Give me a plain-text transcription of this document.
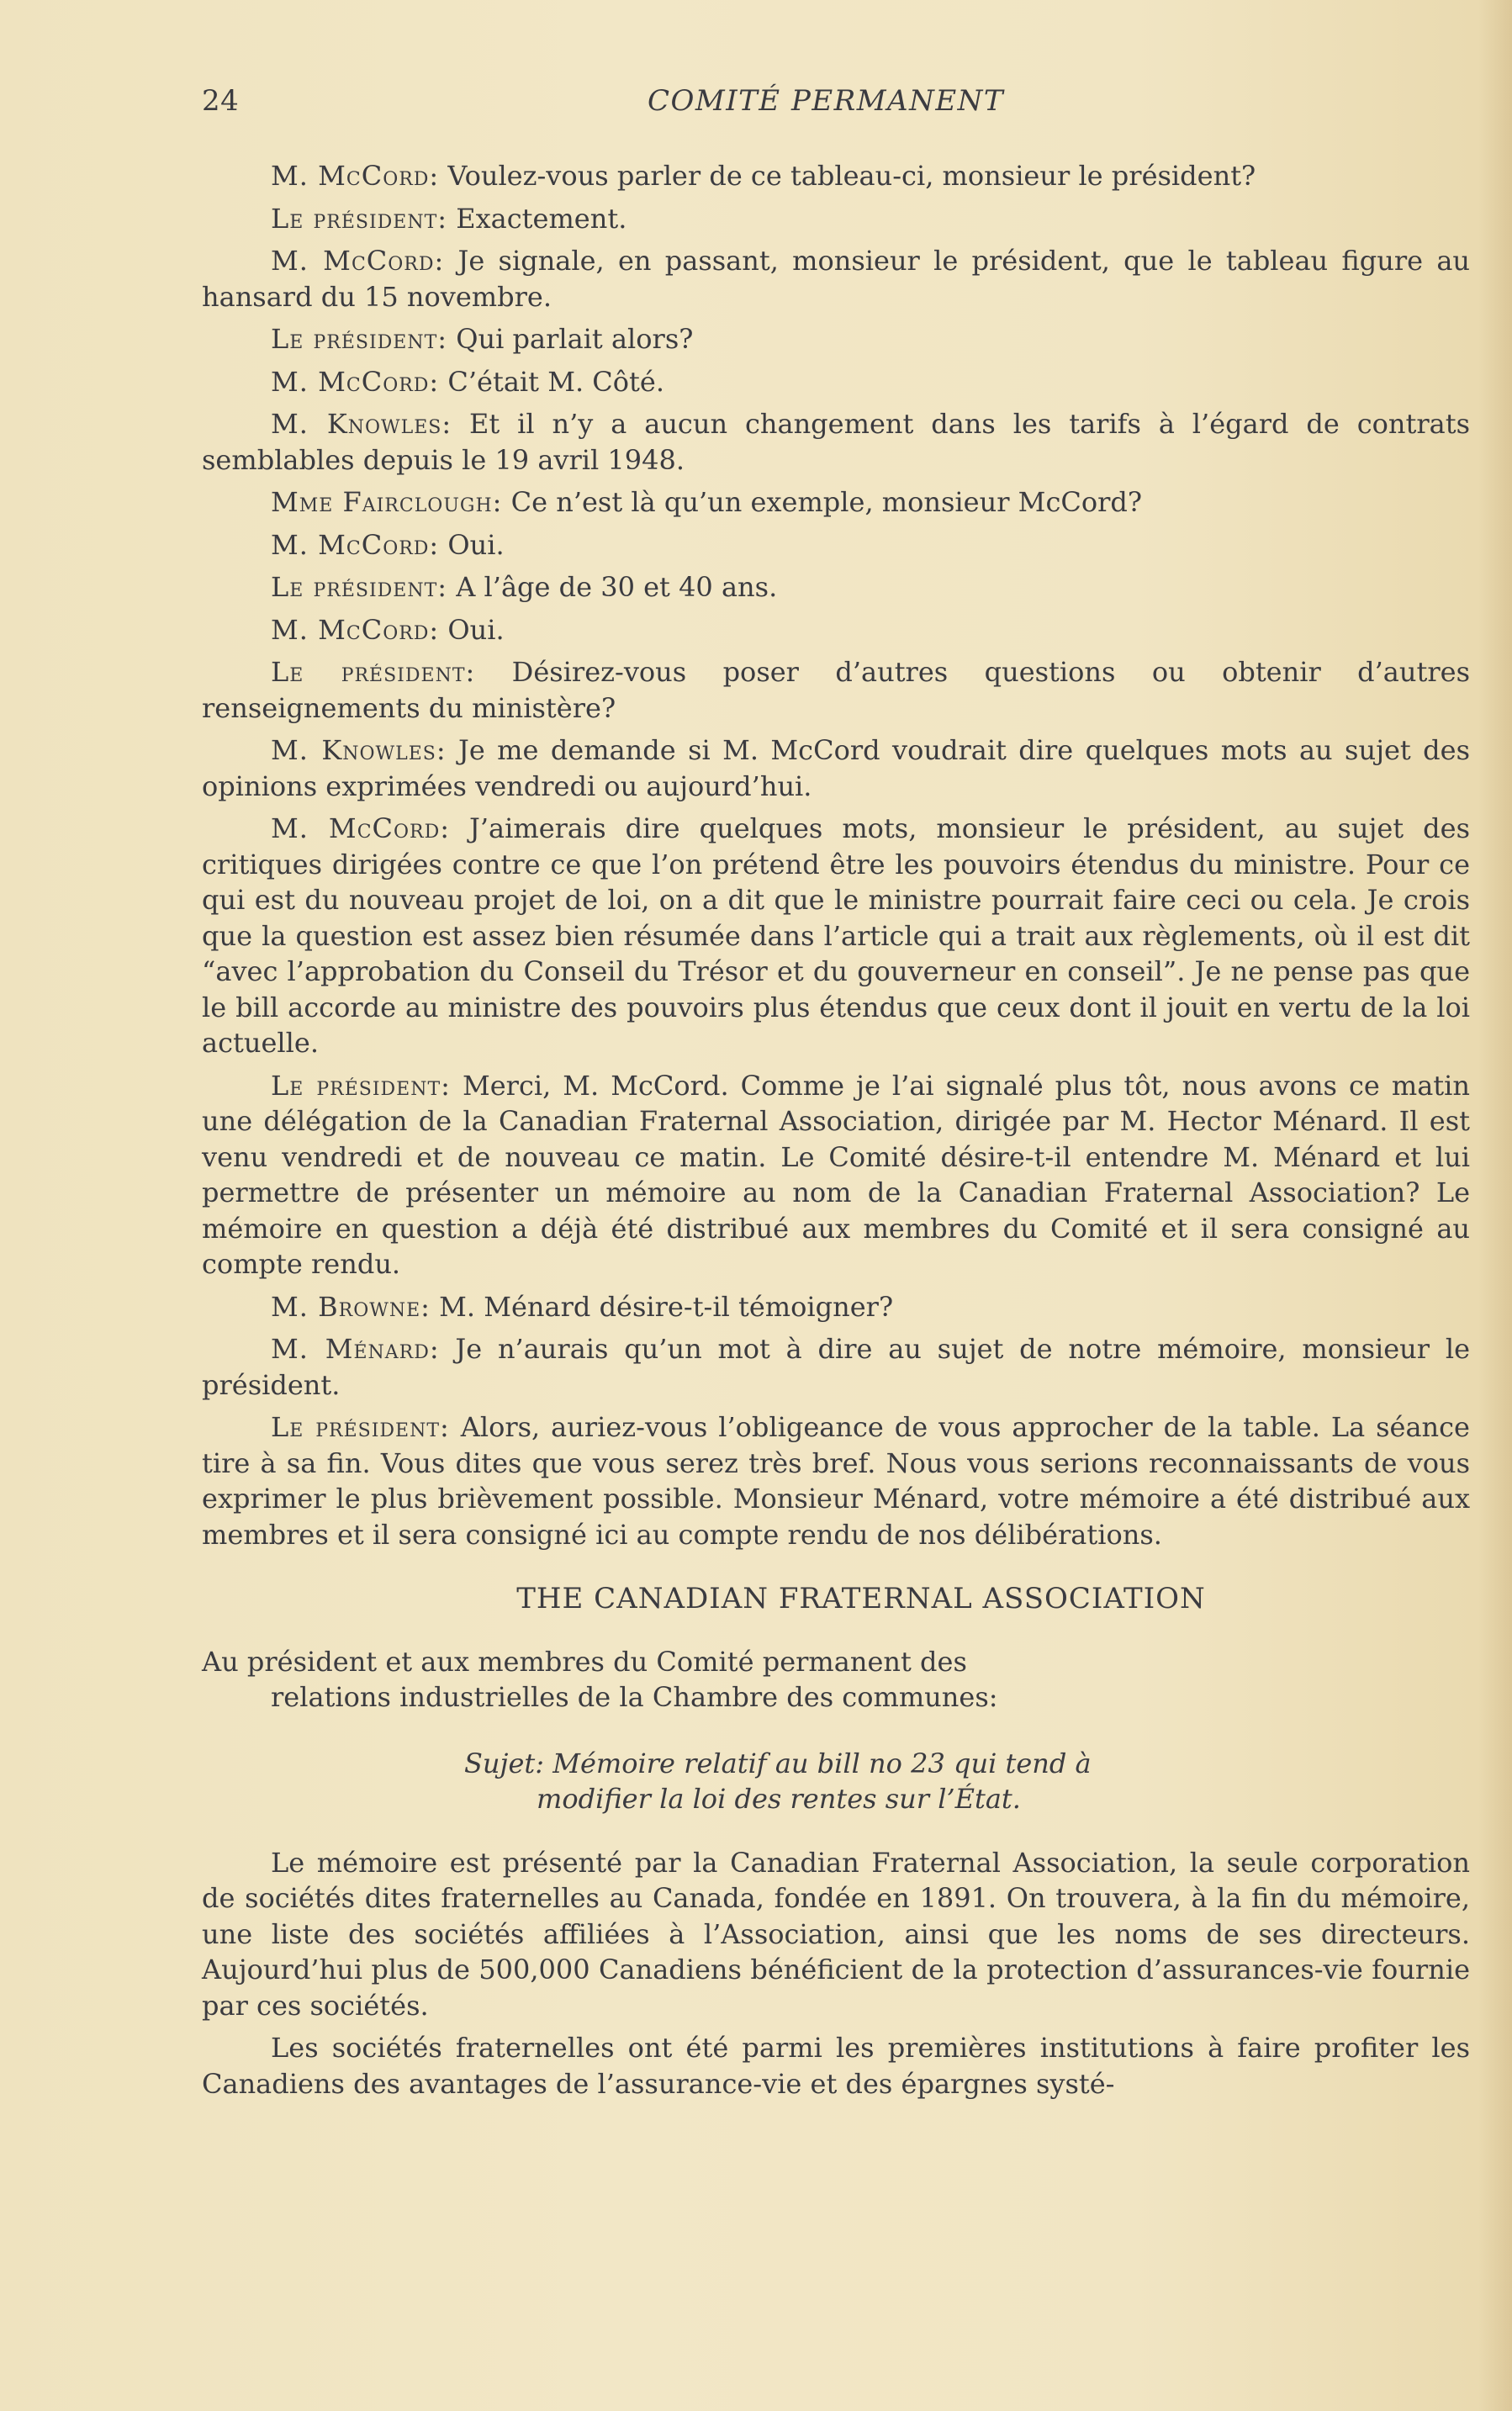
24	COMITÉ PERMANENT

M. McCord: Voulez-vous parler de ce tableau-ci, monsieur le président?

Le président: Exactement.

M. McCord: Je signale, en passant, monsieur le président, que le tableau figure au hansard du 15 novembre.

Le président: Qui parlait alors?

M. McCord: C’était M. Côté.

M. Knowles: Et il n’y a aucun changement dans les tarifs à l’égard de contrats semblables depuis le 19 avril 1948.

Mme Fairclough: Ce n’est là qu’un exemple, monsieur McCord?

M. McCord: Oui.

Le président: A l’âge de 30 et 40 ans.

M. McCord: Oui.

Le président: Désirez-vous poser d’autres questions ou obtenir d’autres renseignements du ministère?

M. Knowles: Je me demande si M. McCord voudrait dire quelques mots au sujet des opinions exprimées vendredi ou aujourd’hui.

M. McCord: J’aimerais dire quelques mots, monsieur le président, au sujet des critiques dirigées contre ce que l’on prétend être les pouvoirs étendus du ministre. Pour ce qui est du nouveau projet de loi, on a dit que le ministre pourrait faire ceci ou cela. Je crois que la question est assez bien résumée dans l’article qui a trait aux règlements, où il est dit “avec l’approbation du Conseil du Trésor et du gouverneur en conseil”. Je ne pense pas que le bill accorde au ministre des pouvoirs plus étendus que ceux dont il jouit en vertu de la loi actuelle.

Le président: Merci, M. McCord. Comme je l’ai signalé plus tôt, nous avons ce matin une délégation de la Canadian Fraternal Association, dirigée par M. Hector Ménard. Il est venu vendredi et de nouveau ce matin. Le Comité désire-t-il entendre M. Ménard et lui permettre de présenter un mémoire au nom de la Canadian Fraternal Association? Le mémoire en question a déjà été distribué aux membres du Comité et il sera consigné au compte rendu.

M. Browne: M. Ménard désire-t-il témoigner?

M. Ménard: Je n’aurais qu’un mot à dire au sujet de notre mémoire, monsieur le président.

Le président: Alors, auriez-vous l’obligeance de vous approcher de la table. La séance tire à sa fin. Vous dites que vous serez très bref. Nous vous serions reconnaissants de vous exprimer le plus brièvement possible. Monsieur Ménard, votre mémoire a été distribué aux membres et il sera consigné ici au compte rendu de nos délibérations.

THE CANADIAN FRATERNAL ASSOCIATION
Au président et aux membres du Comité permanent des
relations industrielles de la Chambre des communes:
Sujet: Mémoire relatif au bill no 23 qui tend à
modifier la loi des rentes sur l’État.

Le mémoire est présenté par la Canadian Fraternal Association, la seule corporation de sociétés dites fraternelles au Canada, fondée en 1891. On trouvera, à la fin du mémoire, une liste des sociétés affiliées à l’Association, ainsi que les noms de ses directeurs. Aujourd’hui plus de 500,000 Canadiens bénéficient de la protection d’assurances-vie fournie par ces sociétés.

Les sociétés fraternelles ont été parmi les premières institutions à faire profiter les Canadiens des avantages de l’assurance-vie et des épargnes systé-
